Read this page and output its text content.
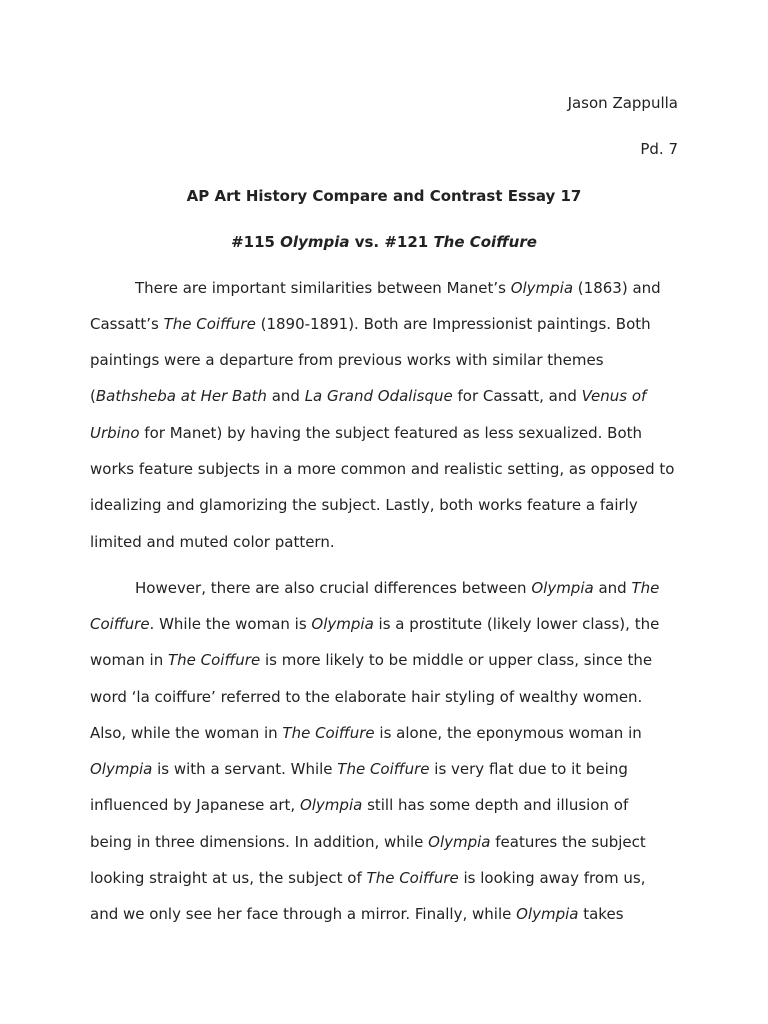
Jason Zappulla
Pd. 7
AP Art History Compare and Contrast Essay 17
#115 Olympia vs. #121 The Coiffure
There are important similarities between Manet’s Olympia (1863) and
Cassatt’s The Coiffure (1890-1891). Both are Impressionist paintings. Both
paintings were a departure from previous works with similar themes
(Bathsheba at Her Bath and La Grand Odalisque for Cassatt, and Venus of
Urbino for Manet) by having the subject featured as less sexualized. Both
works feature subjects in a more common and realistic setting, as opposed to
idealizing and glamorizing the subject. Lastly, both works feature a fairly
limited and muted color pattern.
However, there are also crucial differences between Olympia and The
Coiffure. While the woman is Olympia is a prostitute (likely lower class), the
woman in The Coiffure is more likely to be middle or upper class, since the
word ‘la coiffure’ referred to the elaborate hair styling of wealthy women.
Also, while the woman in The Coiffure is alone, the eponymous woman in
Olympia is with a servant. While The Coiffure is very flat due to it being
influenced by Japanese art, Olympia still has some depth and illusion of
being in three dimensions. In addition, while Olympia features the subject
looking straight at us, the subject of The Coiffure is looking away from us,
and we only see her face through a mirror. Finally, while Olympia takes
